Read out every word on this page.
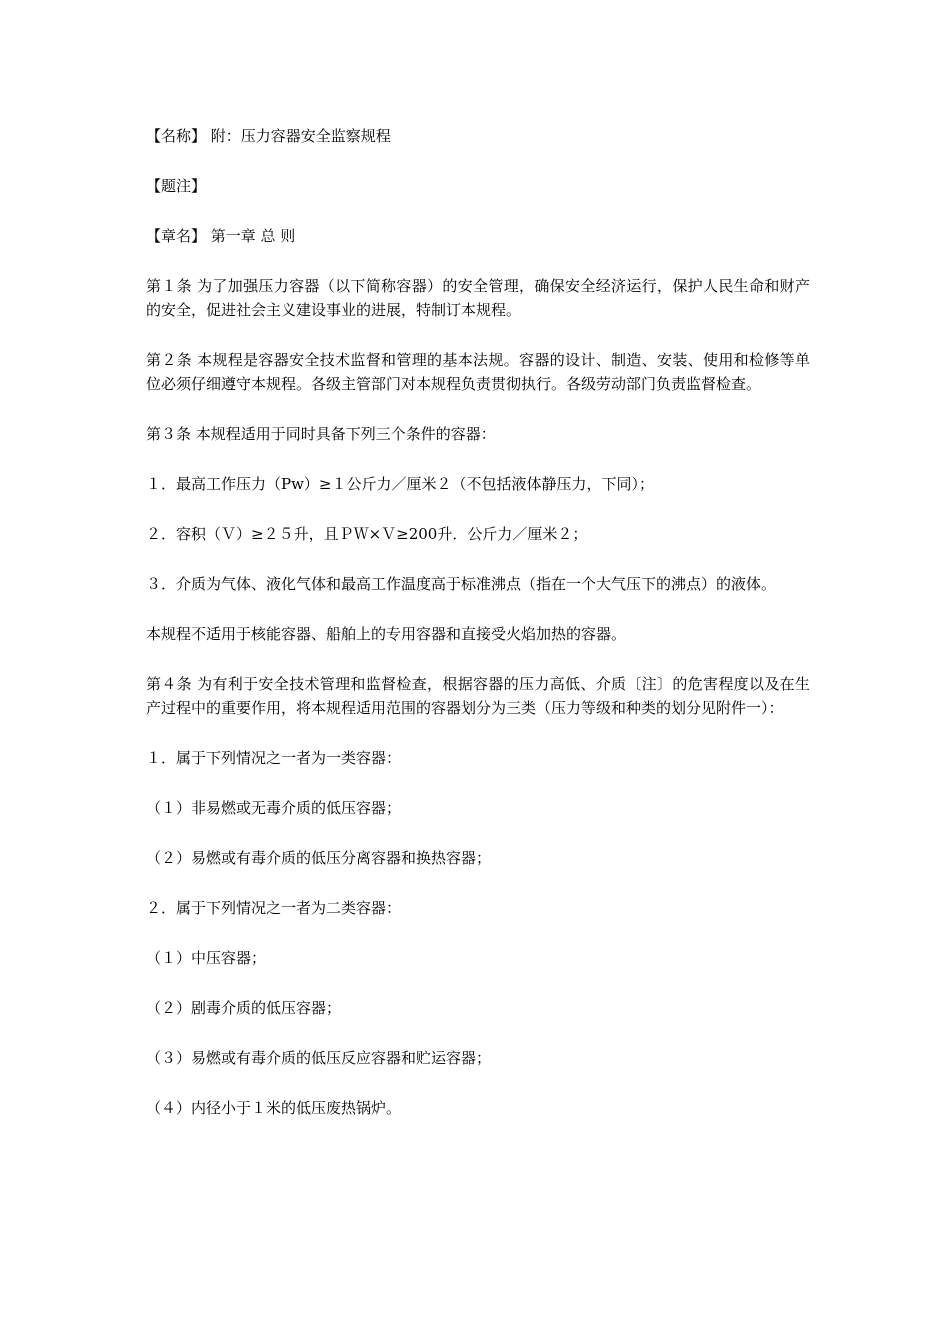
【名称】 附：压力容器安全监察规程

【题注】

【章名】 第一章 总 则

第１条 为了加强压力容器（以下简称容器）的安全管理，确保安全经济运行，保护人民生命和财产的安全，促进社会主义建设事业的进展，特制订本规程。

第２条 本规程是容器安全技术监督和管理的基本法规。容器的设计、制造、安装、使用和检修等单位必须仔细遵守本规程。各级主管部门对本规程负责贯彻执行。各级劳动部门负责监督检查。

第３条 本规程适用于同时具备下列三个条件的容器：

１．最高工作压力（Pw）≥１公斤力／厘米２（不包括液体静压力，下同）；

２．容积（Ｖ）≥２５升，且ＰＷ×Ｖ≥200升．公斤力／厘米２；

３．介质为气体、液化气体和最高工作温度高于标准沸点（指在一个大气压下的沸点）的液体。

本规程不适用于核能容器、船舶上的专用容器和直接受火焰加热的容器。

第４条 为有利于安全技术管理和监督检查，根据容器的压力高低、介质〔注〕的危害程度以及在生产过程中的重要作用，将本规程适用范围的容器划分为三类（压力等级和种类的划分见附件一）：

１．属于下列情况之一者为一类容器：

（１）非易燃或无毒介质的低压容器；

（２）易燃或有毒介质的低压分离容器和换热容器；

２．属于下列情况之一者为二类容器：

（１）中压容器；

（２）剧毒介质的低压容器；

（３）易燃或有毒介质的低压反应容器和贮运容器；

（４）内径小于１米的低压废热锅炉。
